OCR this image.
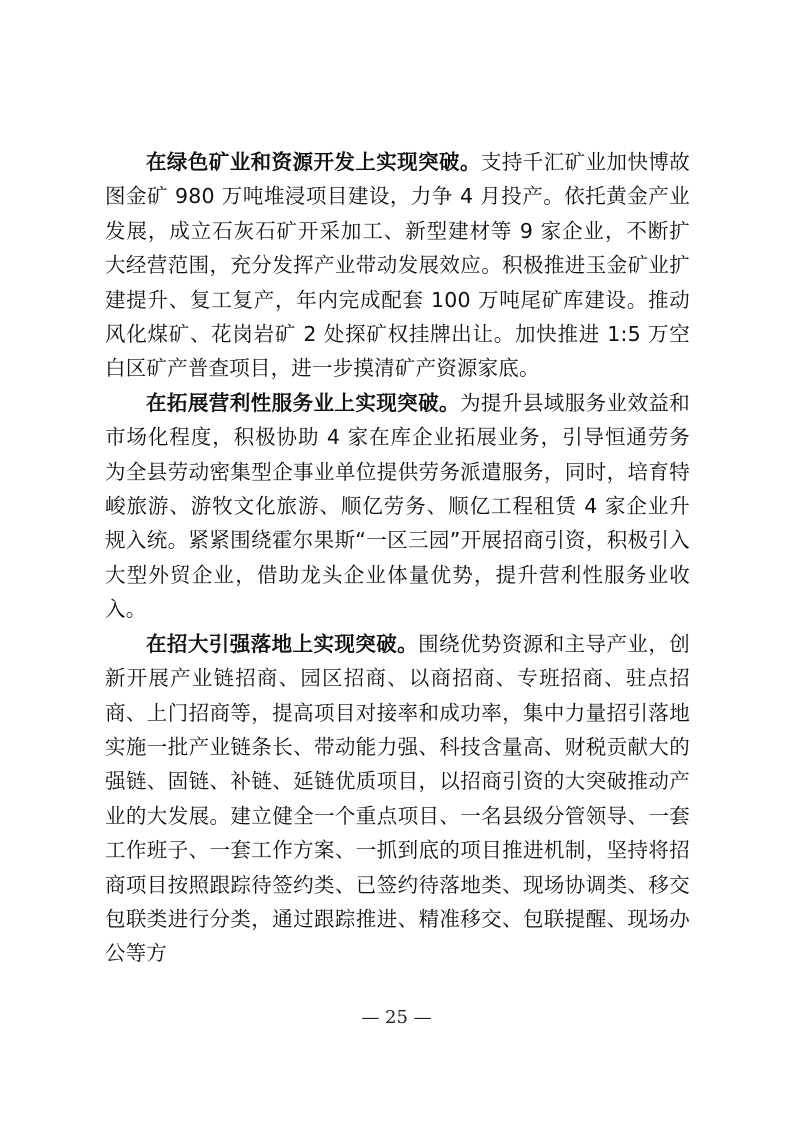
在绿色矿业和资源开发上实现突破。支持千汇矿业加快博故图金矿 980 万吨堆浸项目建设，力争 4 月投产。依托黄金产业发展，成立石灰石矿开采加工、新型建材等 9 家企业，不断扩大经营范围，充分发挥产业带动发展效应。积极推进玉金矿业扩建提升、复工复产，年内完成配套 100 万吨尾矿库建设。推动风化煤矿、花岗岩矿 2 处探矿权挂牌出让。加快推进 1:5 万空白区矿产普查项目，进一步摸清矿产资源家底。

在拓展营利性服务业上实现突破。为提升县域服务业效益和市场化程度，积极协助 4 家在库企业拓展业务，引导恒通劳务为全县劳动密集型企事业单位提供劳务派遣服务，同时，培育特峻旅游、游牧文化旅游、顺亿劳务、顺亿工程租赁 4 家企业升规入统。紧紧围绕霍尔果斯“一区三园”开展招商引资，积极引入大型外贸企业，借助龙头企业体量优势，提升营利性服务业收入。

在招大引强落地上实现突破。围绕优势资源和主导产业，创新开展产业链招商、园区招商、以商招商、专班招商、驻点招商、上门招商等，提高项目对接率和成功率，集中力量招引落地实施一批产业链条长、带动能力强、科技含量高、财税贡献大的强链、固链、补链、延链优质项目，以招商引资的大突破推动产业的大发展。建立健全一个重点项目、一名县级分管领导、一套工作班子、一套工作方案、一抓到底的项目推进机制，坚持将招商项目按照跟踪待签约类、已签约待落地类、现场协调类、移交包联类进行分类，通过跟踪推进、精准移交、包联提醒、现场办公等方

— 25 —
